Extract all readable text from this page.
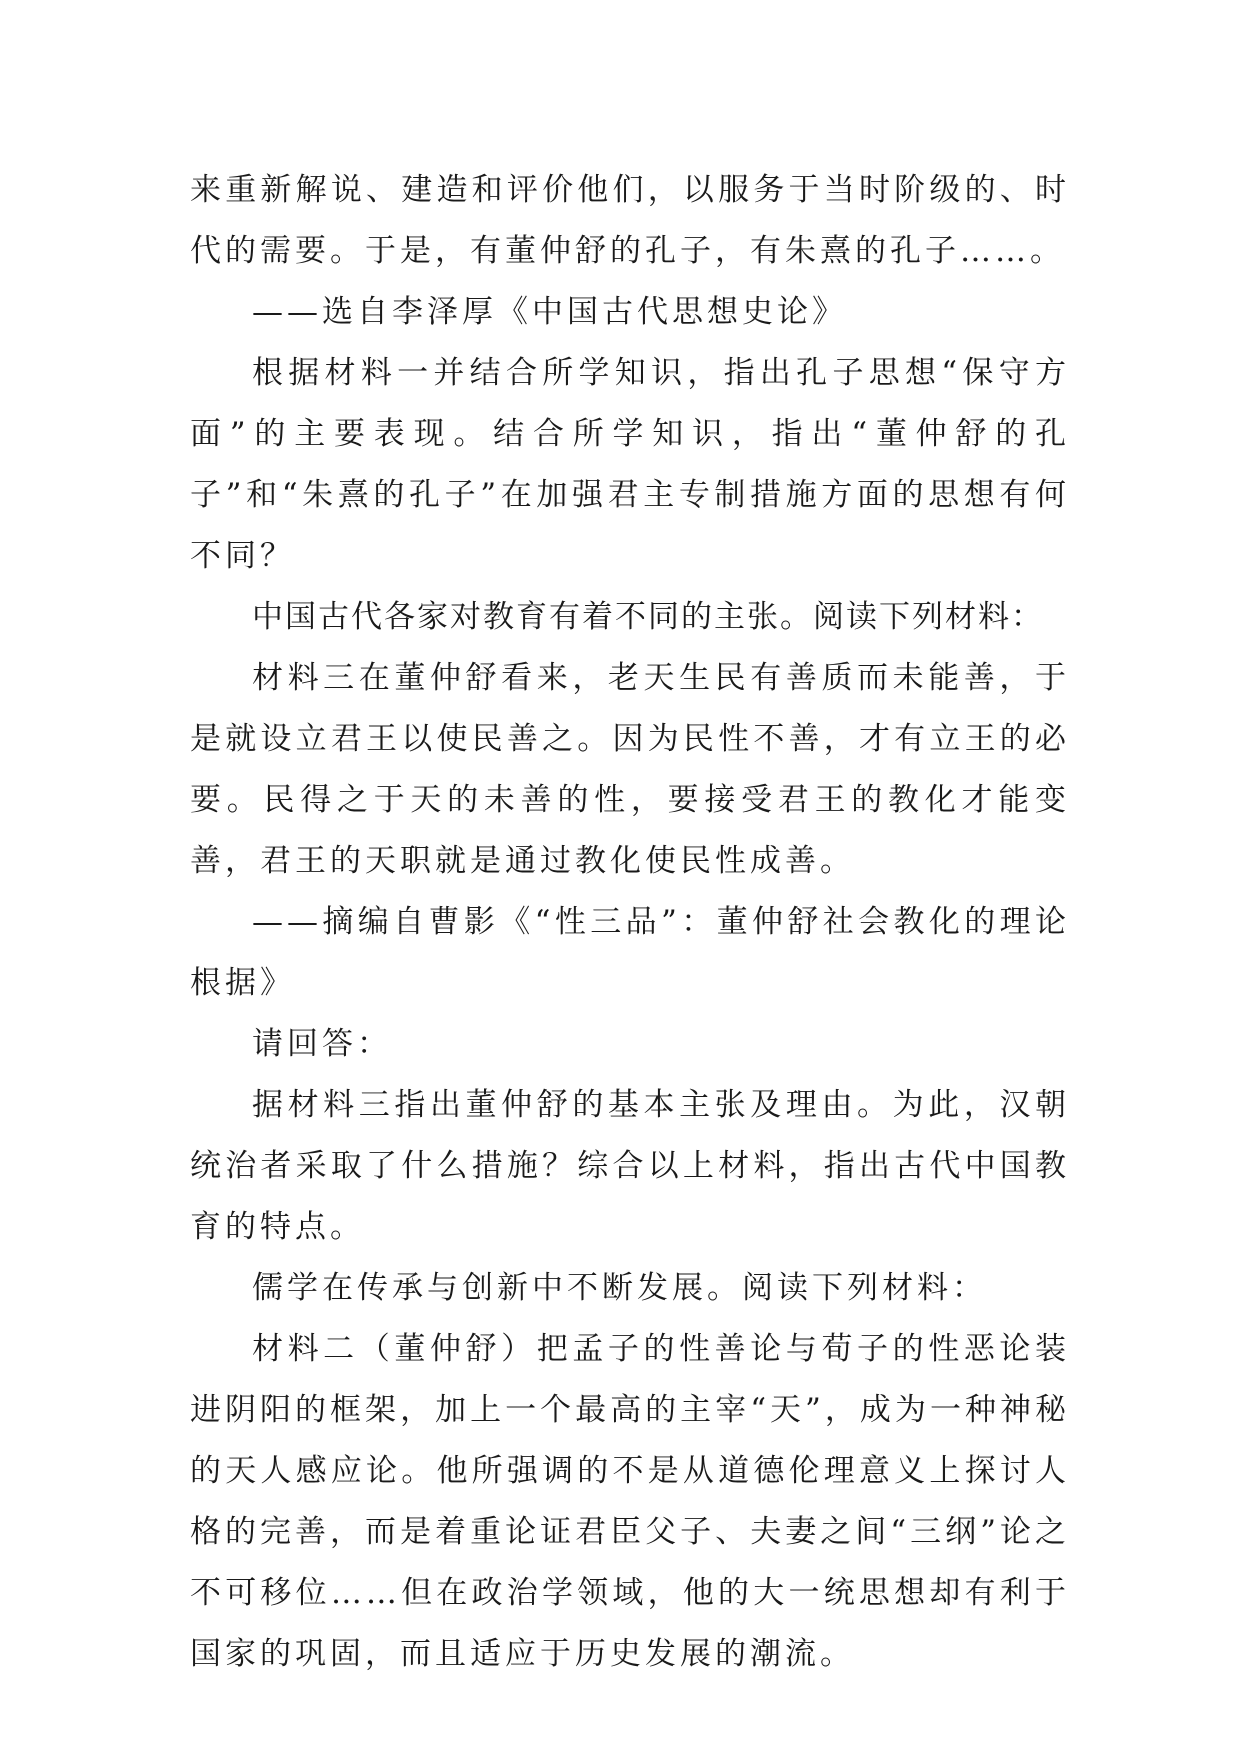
来重新解说、建造和评价他们，以服务于当时阶级的、时代的需要。于是，有董仲舒的孔子，有朱熹的孔子……。

——选自李泽厚《中国古代思想史论》

根据材料一并结合所学知识，指出孔子思想“保守方面”的主要表现。结合所学知识，指出“董仲舒的孔子”和“朱熹的孔子”在加强君主专制措施方面的思想有何不同？

中国古代各家对教育有着不同的主张。阅读下列材料：

材料三在董仲舒看来，老天生民有善质而未能善，于是就设立君王以使民善之。因为民性不善，才有立王的必要。民得之于天的未善的性，要接受君王的教化才能变善，君王的天职就是通过教化使民性成善。

——摘编自曹影《“性三品”：董仲舒社会教化的理论根据》

请回答：

据材料三指出董仲舒的基本主张及理由。为此，汉朝统治者采取了什么措施？综合以上材料，指出古代中国教育的特点。

儒学在传承与创新中不断发展。阅读下列材料：

材料二（董仲舒）把孟子的性善论与荀子的性恶论装进阴阳的框架，加上一个最高的主宰“天”，成为一种神秘的天人感应论。他所强调的不是从道德伦理意义上探讨人格的完善，而是着重论证君臣父子、夫妻之间“三纲”论之不可移位……但在政治学领域，他的大一统思想却有利于国家的巩固，而且适应于历史发展的潮流。
